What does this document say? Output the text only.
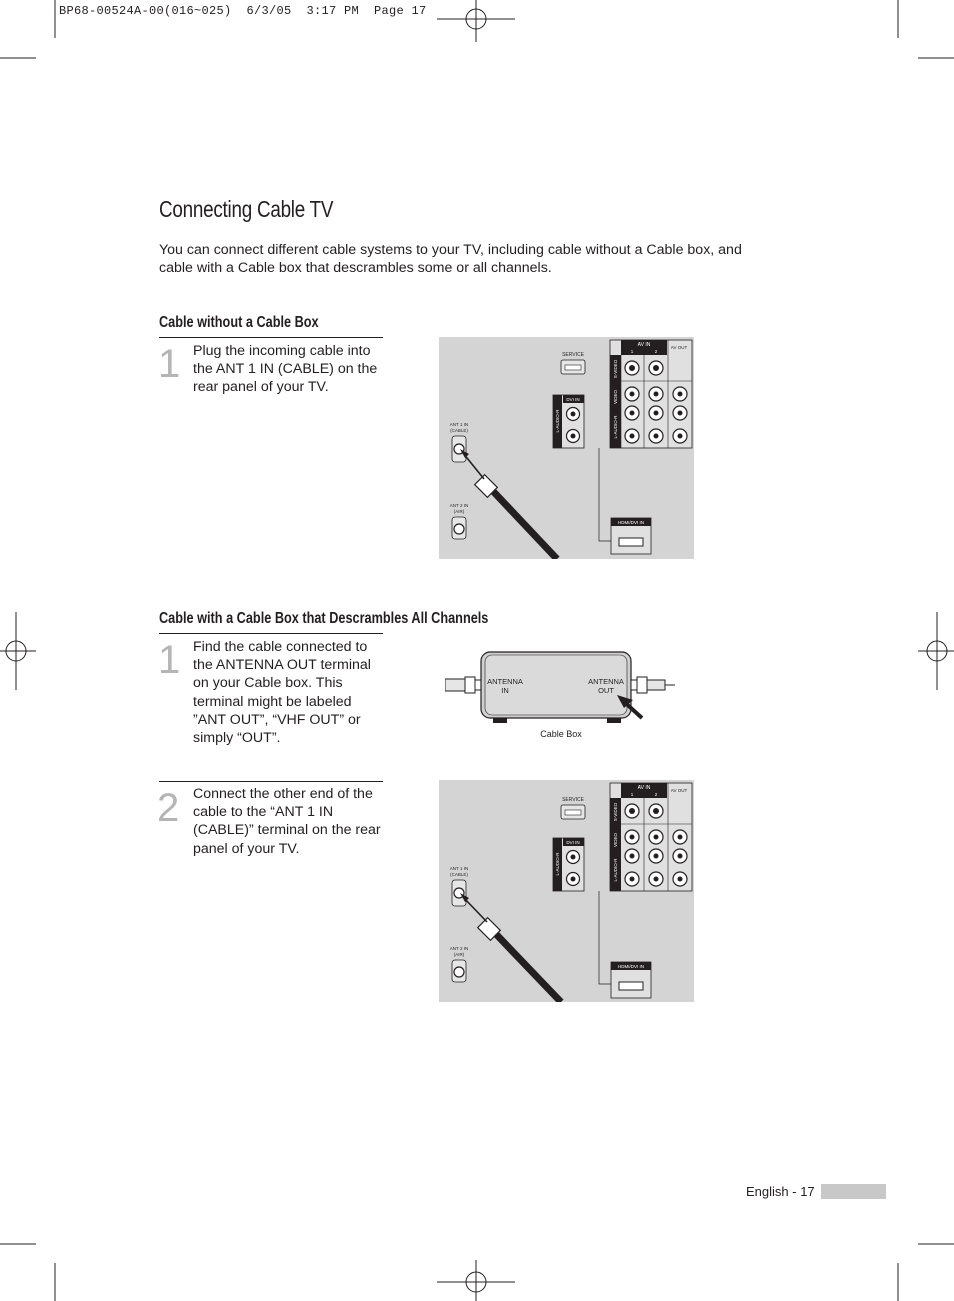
BP68-00524A-00(016~025)  6/3/05  3:17 PM  Page 17
Connecting Cable TV
You can connect different cable systems to your TV, including cable without a Cable box, and cable with a Cable box that descrambles some or all channels.
Cable without a Cable Box
1 Plug the incoming cable into the ANT 1 IN (CABLE) on the rear panel of your TV.
Cable with a Cable Box that Descrambles All Channels
1 Find the cable connected to the ANTENNA OUT terminal on your Cable box. This terminal might be labeled ”ANT OUT”, “VHF OUT” or simply “OUT”.
2 Connect the other end of the cable to the “ANT 1 IN (CABLE)” terminal on the rear panel of your TV.
SERVICE
AV IN
1	2
AV OUT
S-VIDEO
VIDEO
L-AUDIO-R
L-AUDIO-R
DVI IN
ANT 1 IN
(CABLE)
ANT 2 IN
(AIR)
HDMI/DVI IN
ANTENNA
IN
ANTENNA
OUT
Cable Box
SERVICE
AV IN
1	2
AV OUT
S-VIDEO
VIDEO
L-AUDIO-R
L-AUDIO-R
DVI IN
ANT 1 IN
(CABLE)
ANT 2 IN
(AIR)
HDMI/DVI IN
English - 17
